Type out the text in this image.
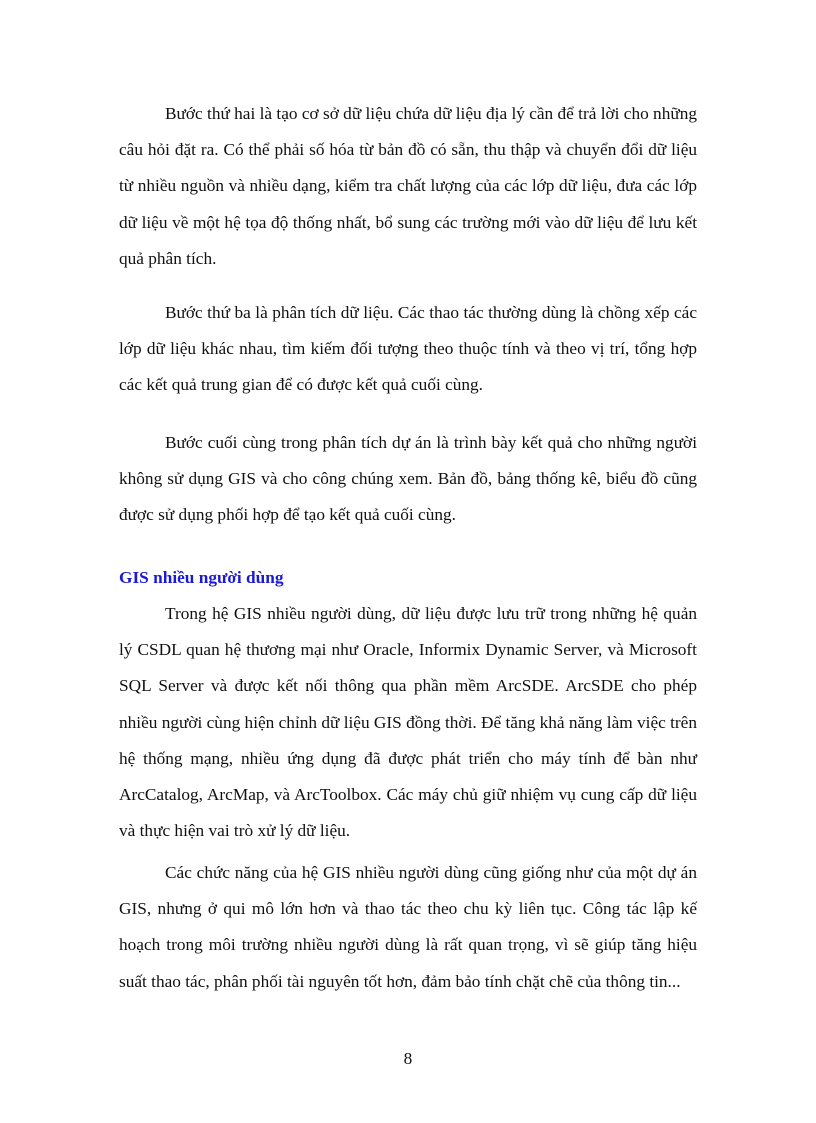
Bước thứ hai là tạo cơ sở dữ liệu chứa dữ liệu địa lý cần để trả lời cho những câu hỏi đặt ra. Có thể phải số hóa từ bản đồ có sẵn, thu thập và chuyển đổi dữ liệu từ nhiều nguồn và nhiều dạng, kiểm tra chất lượng của các lớp dữ liệu, đưa các lớp dữ liệu về một hệ tọa độ thống nhất, bổ sung các trường mới vào dữ liệu để lưu kết quả phân tích.

Bước thứ ba là phân tích dữ liệu. Các thao tác thường dùng là chồng xếp các lớp dữ liệu khác nhau, tìm kiếm đối tượng theo thuộc tính và theo vị trí, tổng hợp các kết quả trung gian để có được kết quả cuối cùng.

Bước cuối cùng trong phân tích dự án là trình bày kết quả cho những người không sử dụng GIS và cho công chúng xem. Bản đồ, bảng thống kê, biểu đồ cũng được sử dụng phối hợp để tạo kết quả cuối cùng.

GIS nhiều người dùng

Trong hệ GIS nhiều người dùng, dữ liệu được lưu trữ trong những hệ quản lý CSDL quan hệ thương mại như Oracle, Informix Dynamic Server, và Microsoft SQL Server và được kết nối thông qua phần mềm ArcSDE. ArcSDE cho phép nhiều người cùng hiện chỉnh dữ liệu GIS đồng thời. Để tăng khả năng làm việc trên hệ thống mạng, nhiều ứng dụng đã được phát triển cho máy tính để bàn như ArcCatalog, ArcMap, và ArcToolbox. Các máy chủ giữ nhiệm vụ cung cấp dữ liệu và thực hiện vai trò xử lý dữ liệu.

Các chức năng của hệ GIS nhiều người dùng cũng giống như của một dự án GIS, nhưng ở qui mô lớn hơn và thao tác theo chu kỳ liên tục. Công tác lập kế hoạch trong môi trường nhiều người dùng là rất quan trọng, vì sẽ giúp tăng hiệu suất thao tác, phân phối tài nguyên tốt hơn, đảm bảo tính chặt chẽ của thông tin...

8
